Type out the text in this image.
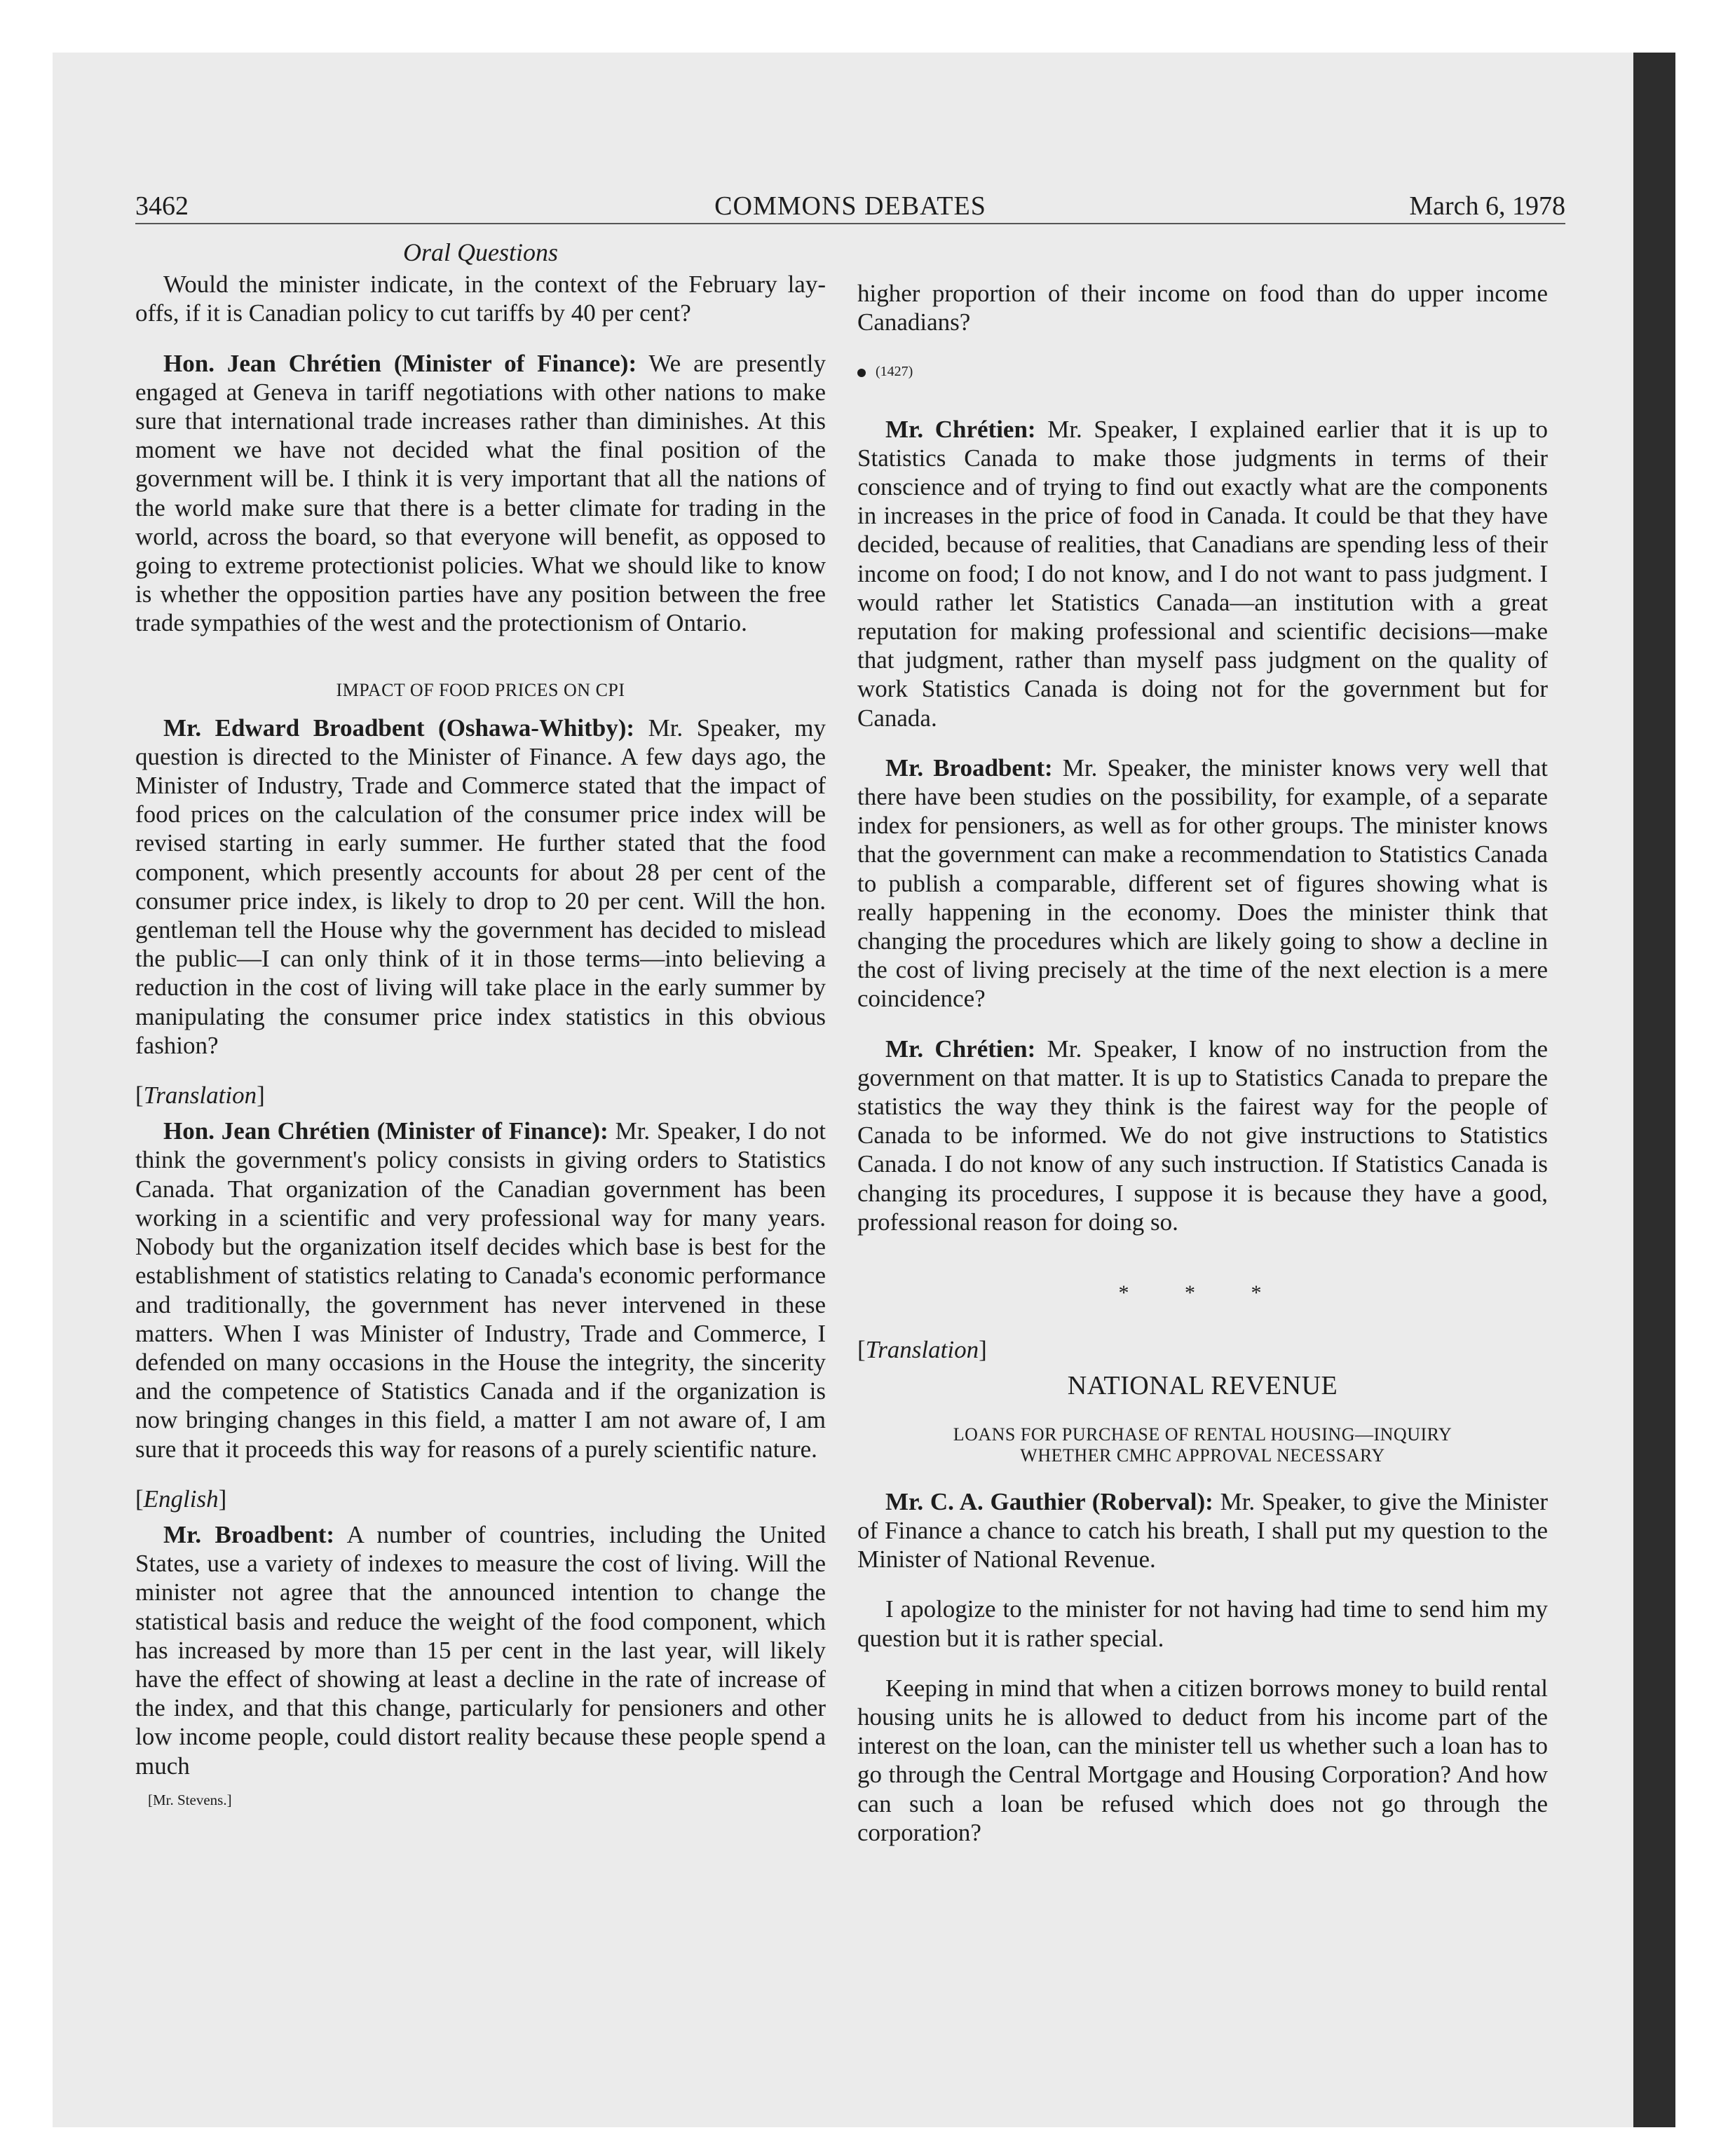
3462	COMMONS DEBATES	March 6, 1978
Oral Questions

Would the minister indicate, in the context of the February lay-offs, if it is Canadian policy to cut tariffs by 40 per cent?

Hon. Jean Chrétien (Minister of Finance): We are presently engaged at Geneva in tariff negotiations with other nations to make sure that international trade increases rather than diminishes. At this moment we have not decided what the final position of the government will be. I think it is very important that all the nations of the world make sure that there is a better climate for trading in the world, across the board, so that everyone will benefit, as opposed to going to extreme protectionist policies. What we should like to know is whether the opposition parties have any position between the free trade sympathies of the west and the protectionism of Ontario.

IMPACT OF FOOD PRICES ON CPI

Mr. Edward Broadbent (Oshawa-Whitby): Mr. Speaker, my question is directed to the Minister of Finance. A few days ago, the Minister of Industry, Trade and Commerce stated that the impact of food prices on the calculation of the consumer price index will be revised starting in early summer. He further stated that the food component, which presently accounts for about 28 per cent of the consumer price index, is likely to drop to 20 per cent. Will the hon. gentleman tell the House why the government has decided to mislead the public—I can only think of it in those terms—into believing a reduction in the cost of living will take place in the early summer by manipulating the consumer price index statistics in this obvious fashion?

[Translation]

Hon. Jean Chrétien (Minister of Finance): Mr. Speaker, I do not think the government's policy consists in giving orders to Statistics Canada. That organization of the Canadian government has been working in a scientific and very professional way for many years. Nobody but the organization itself decides which base is best for the establishment of statistics relating to Canada's economic performance and traditionally, the government has never intervened in these matters. When I was Minister of Industry, Trade and Commerce, I defended on many occasions in the House the integrity, the sincerity and the competence of Statistics Canada and if the organization is now bringing changes in this field, a matter I am not aware of, I am sure that it proceeds this way for reasons of a purely scientific nature.

[English]

Mr. Broadbent: A number of countries, including the United States, use a variety of indexes to measure the cost of living. Will the minister not agree that the announced intention to change the statistical basis and reduce the weight of the food component, which has increased by more than 15 per cent in the last year, will likely have the effect of showing at least a decline in the rate of increase of the index, and that this change, particularly for pensioners and other low income people, could distort reality because these people spend a much

[Mr. Stevens.]

higher proportion of their income on food than do upper income Canadians?

(1427)

Mr. Chrétien: Mr. Speaker, I explained earlier that it is up to Statistics Canada to make those judgments in terms of their conscience and of trying to find out exactly what are the components in increases in the price of food in Canada. It could be that they have decided, because of realities, that Canadians are spending less of their income on food; I do not know, and I do not want to pass judgment. I would rather let Statistics Canada—an institution with a great reputation for making professional and scientific decisions—make that judgment, rather than myself pass judgment on the quality of work Statistics Canada is doing not for the government but for Canada.

Mr. Broadbent: Mr. Speaker, the minister knows very well that there have been studies on the possibility, for example, of a separate index for pensioners, as well as for other groups. The minister knows that the government can make a recommendation to Statistics Canada to publish a comparable, different set of figures showing what is really happening in the economy. Does the minister think that changing the procedures which are likely going to show a decline in the cost of living precisely at the time of the next election is a mere coincidence?

Mr. Chrétien: Mr. Speaker, I know of no instruction from the government on that matter. It is up to Statistics Canada to prepare the statistics the way they think is the fairest way for the people of Canada to be informed. We do not give instructions to Statistics Canada. I do not know of any such instruction. If Statistics Canada is changing its procedures, I suppose it is because they have a good, professional reason for doing so.

* * *
[Translation]
NATIONAL REVENUE
LOANS FOR PURCHASE OF RENTAL HOUSING—INQUIRY
WHETHER CMHC APPROVAL NECESSARY

Mr. C. A. Gauthier (Roberval): Mr. Speaker, to give the Minister of Finance a chance to catch his breath, I shall put my question to the Minister of National Revenue.

I apologize to the minister for not having had time to send him my question but it is rather special.

Keeping in mind that when a citizen borrows money to build rental housing units he is allowed to deduct from his income part of the interest on the loan, can the minister tell us whether such a loan has to go through the Central Mortgage and Housing Corporation? And how can such a loan be refused which does not go through the corporation?
